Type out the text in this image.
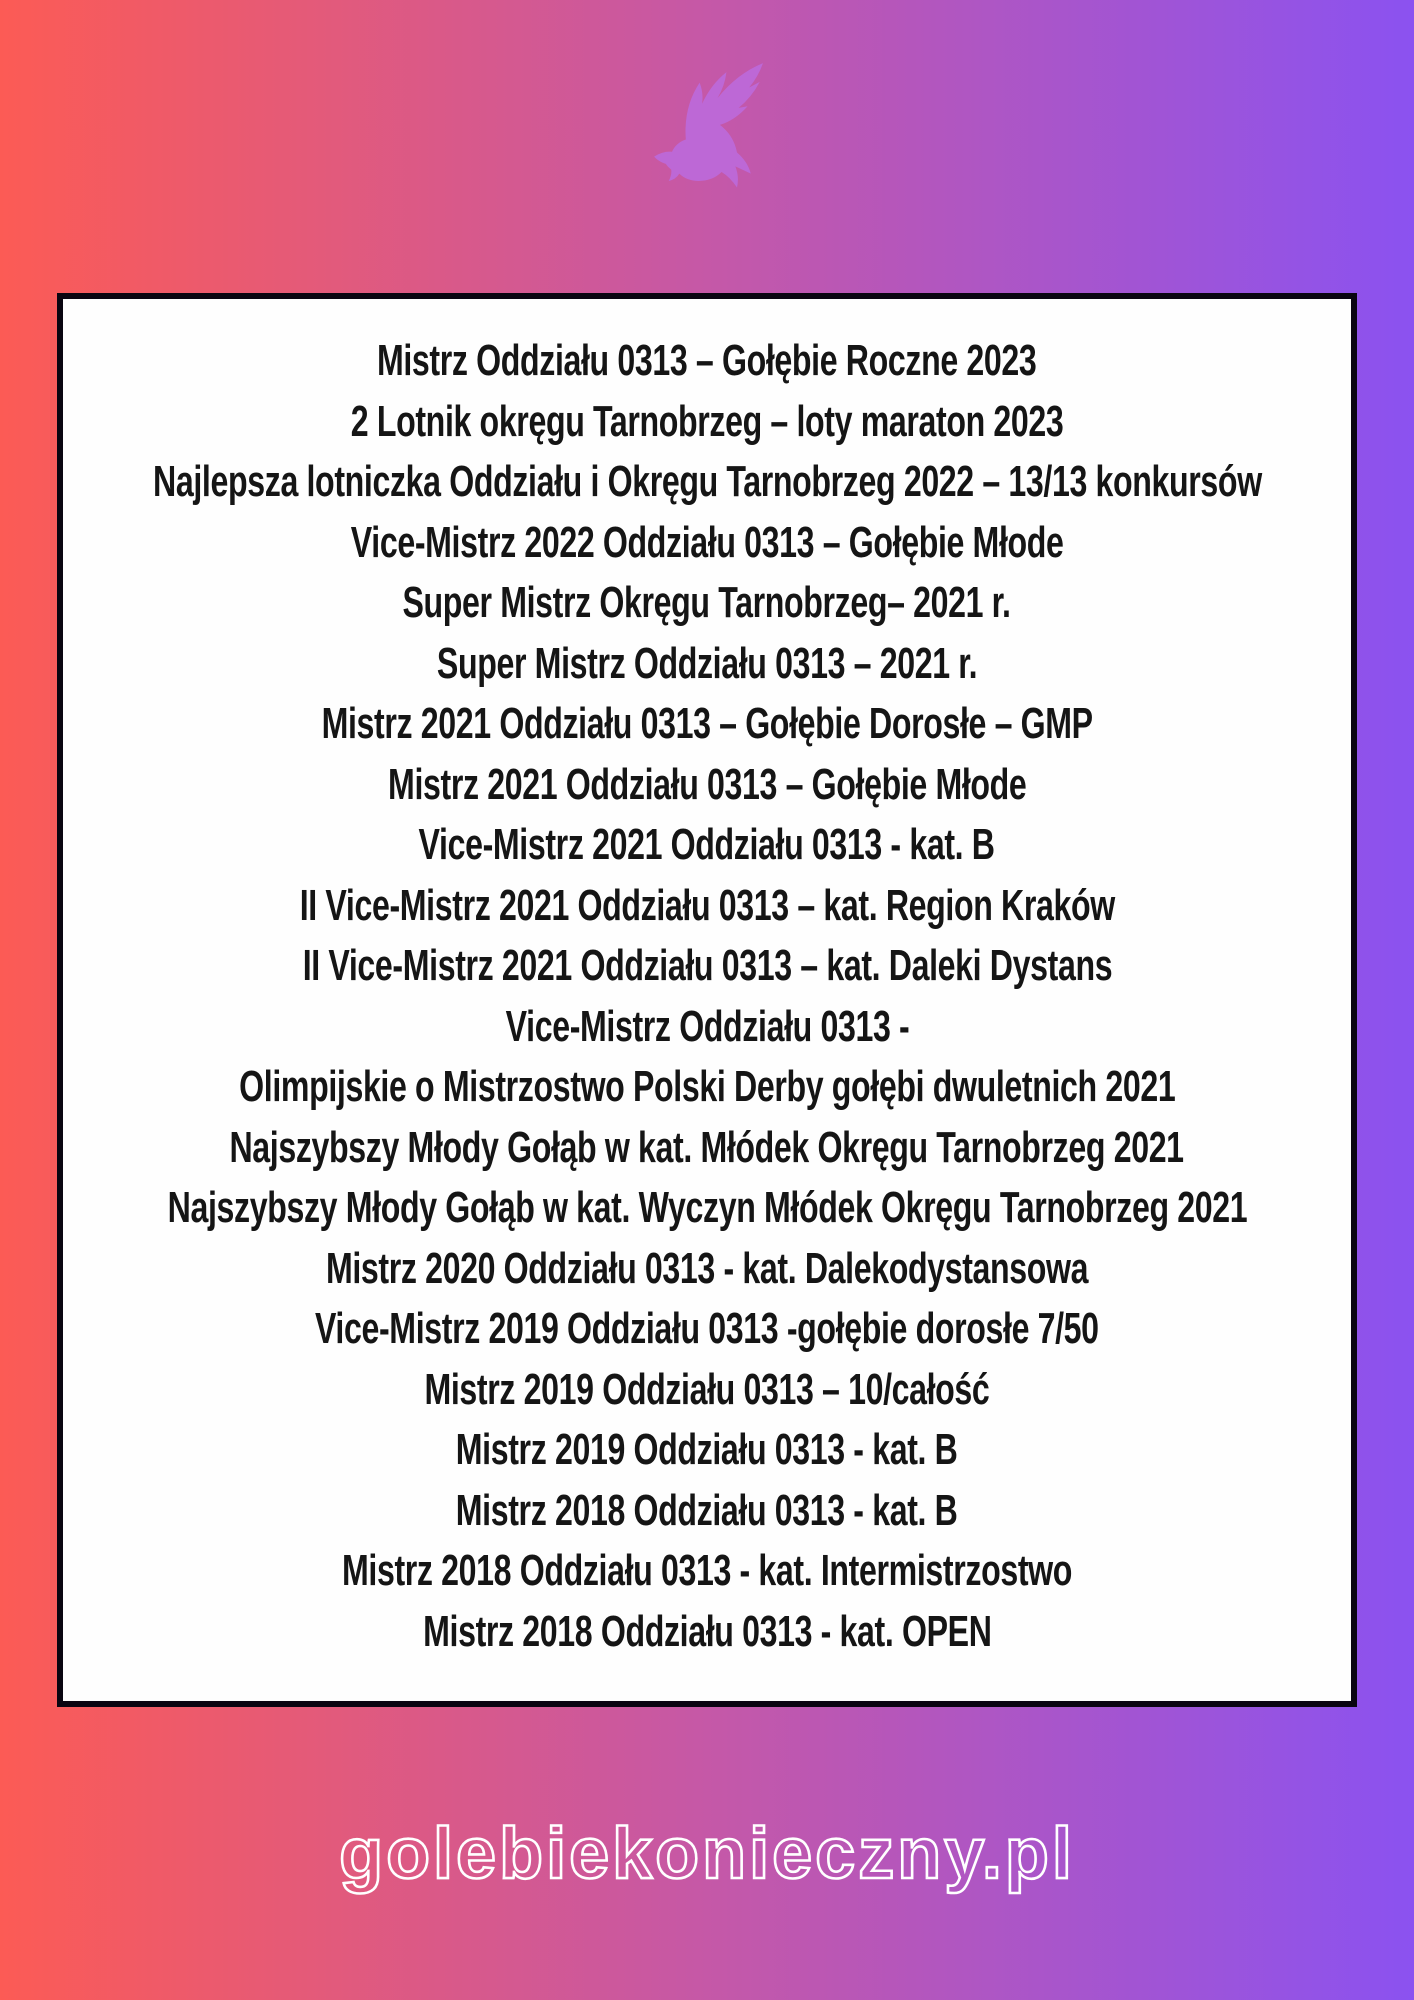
Mistrz Oddziału 0313 – Gołębie Roczne 2023
2 Lotnik okręgu Tarnobrzeg – loty maraton 2023
Najlepsza lotniczka Oddziału i Okręgu Tarnobrzeg 2022 – 13/13 konkursów
Vice-Mistrz 2022 Oddziału 0313 – Gołębie Młode
Super Mistrz Okręgu Tarnobrzeg– 2021 r.
Super Mistrz Oddziału 0313 – 2021 r.
Mistrz 2021 Oddziału 0313 – Gołębie Dorosłe – GMP
Mistrz 2021 Oddziału 0313 – Gołębie Młode
Vice-Mistrz 2021 Oddziału 0313 - kat. B
II Vice-Mistrz 2021 Oddziału 0313 – kat. Region Kraków
II Vice-Mistrz 2021 Oddziału 0313 – kat. Daleki Dystans
Vice-Mistrz Oddziału 0313 -
Olimpijskie o Mistrzostwo Polski Derby gołębi dwuletnich 2021
Najszybszy Młody Gołąb w kat. Młódek Okręgu Tarnobrzeg 2021
Najszybszy Młody Gołąb w kat. Wyczyn Młódek Okręgu Tarnobrzeg 2021
Mistrz 2020 Oddziału 0313 - kat. Dalekodystansowa
Vice-Mistrz 2019 Oddziału 0313 -gołębie dorosłe 7/50
Mistrz 2019 Oddziału 0313 – 10/całość
Mistrz 2019 Oddziału 0313 - kat. B
Mistrz 2018 Oddziału 0313 - kat. B
Mistrz 2018 Oddziału 0313 - kat. Intermistrzostwo
Mistrz 2018 Oddziału 0313 - kat. OPEN
golebiekonieczny.pl
